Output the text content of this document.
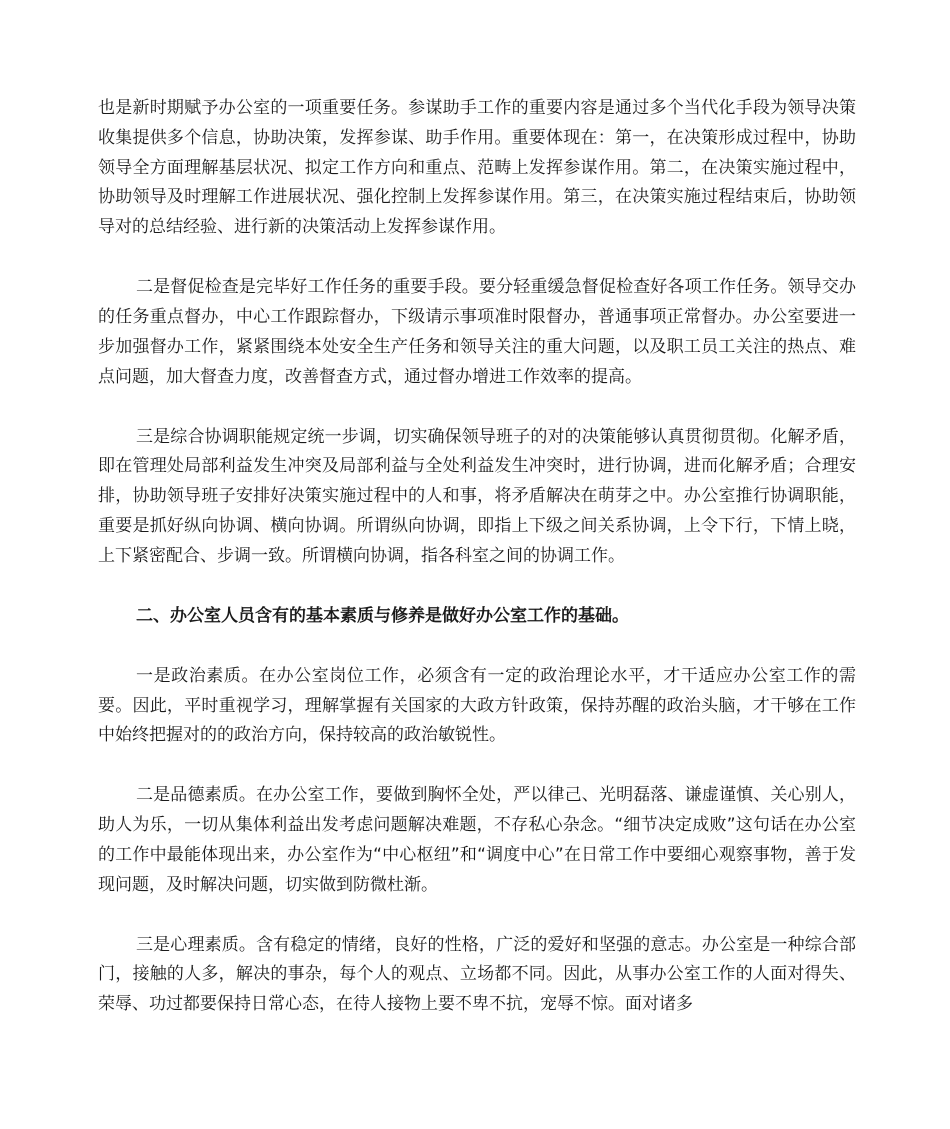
也是新时期赋予办公室的一项重要任务。参谋助手工作的重要内容是通过多个当代化手段为领导决策收集提供多个信息，协助决策，发挥参谋、助手作用。重要体现在：第一，在决策形成过程中，协助领导全方面理解基层状况、拟定工作方向和重点、范畴上发挥参谋作用。第二，在决策实施过程中，协助领导及时理解工作进展状况、强化控制上发挥参谋作用。第三，在决策实施过程结束后，协助领导对的总结经验、进行新的决策活动上发挥参谋作用。

二是督促检查是完毕好工作任务的重要手段。要分轻重缓急督促检查好各项工作任务。领导交办的任务重点督办，中心工作跟踪督办，下级请示事项准时限督办，普通事项正常督办。办公室要进一步加强督办工作，紧紧围绕本处安全生产任务和领导关注的重大问题，以及职工员工关注的热点、难点问题，加大督查力度，改善督查方式，通过督办增进工作效率的提高。

三是综合协调职能规定统一步调，切实确保领导班子的对的决策能够认真贯彻贯彻。化解矛盾，即在管理处局部利益发生冲突及局部利益与全处利益发生冲突时，进行协调，进而化解矛盾；合理安排，协助领导班子安排好决策实施过程中的人和事，将矛盾解决在萌芽之中。办公室推行协调职能，重要是抓好纵向协调、横向协调。所谓纵向协调，即指上下级之间关系协调，上令下行，下情上晓，上下紧密配合、步调一致。所谓横向协调，指各科室之间的协调工作。

二、办公室人员含有的基本素质与修养是做好办公室工作的基础。

一是政治素质。在办公室岗位工作，必须含有一定的政治理论水平，才干适应办公室工作的需要。因此，平时重视学习，理解掌握有关国家的大政方针政策，保持苏醒的政治头脑，才干够在工作中始终把握对的的政治方向，保持较高的政治敏锐性。

二是品德素质。在办公室工作，要做到胸怀全处，严以律己、光明磊落、谦虚谨慎、关心别人，助人为乐，一切从集体利益出发考虑问题解决难题，不存私心杂念。“细节决定成败”这句话在办公室的工作中最能体现出来，办公室作为“中心枢纽”和“调度中心”在日常工作中要细心观察事物，善于发现问题，及时解决问题，切实做到防微杜渐。

三是心理素质。含有稳定的情绪，良好的性格，广泛的爱好和坚强的意志。办公室是一种综合部门，接触的人多，解决的事杂，每个人的观点、立场都不同。因此，从事办公室工作的人面对得失、荣辱、功过都要保持日常心态，在待人接物上要不卑不抗，宠辱不惊。面对诸多
